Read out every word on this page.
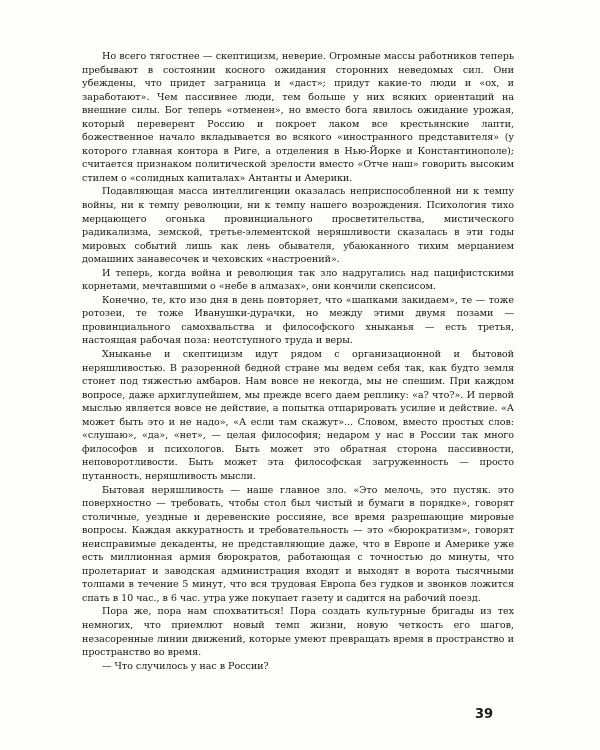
Но всего тягостнее — скептицизм, неверие. Огромные массы работников теперь пребывают в состоянии косного ожидания сторонних неведомых сил. Они убеждены, что придет заграница и «даст»; придут какие-то люди и «ох, и заработают». Чем пассивнее люди, тем больше у них всяких ориентаций на внешние силы. Бог теперь «отменен», но вместо бога явилось ожидание урожая, который переверент Россию и покроет лаком все крестьянские лапти, божественное начало вкладывается во всякого «иностранного представителя» (у которого главная контора в Риге, а отделения в Нью-Йорке и Константинополе); считается признаком политической зрелости вместо «Отче наш» говорить высоким стилем о «солидных капиталах» Антанты и Америки.

Подавляющая масса интеллигенции оказалась неприспособленной ни к темпу войны, ни к темпу революции, ни к темпу нашего возрождения. Психология тихо мерцающего огонька провинциального просветительства, мистического радикализма, земской, третье-элементской неряшливости сказалась в эти годы мировых событий лишь как лень обывателя, убаюканного тихим мерцанием домашних занавесочек и чеховских «настроений».

И теперь, когда война и революция так зло надругались над пацифистскими корнетами, мечтавшими о «небе в алмазах», они кончили скепсисом.

Конечно, те, кто изо дня в день повторяет, что «шапками закидаем», те — тоже ротозеи, те тоже Иванушки-дурачки, но между этими двумя позами — провинциального самохвальства и философского хныканья — есть третья, настоящая рабочая поза: неотступного труда и веры.

Хныканье и скептицизм идут рядом с организационной и бытовой неряшливостью. В разоренной бедной стране мы ведем себя так, как будто земля стонет под тяжестью амбаров. Нам вовсе не некогда, мы не спешим. При каждом вопросе, даже архиглупейшем, мы прежде всего даем реплику: «а? что?». И первой мыслью является вовсе не действие, а попытка отпарировать усилие и действие. «А может быть это и не надо», «А если там скажут»... Словом, вместо простых слов: «слушаю», «да», «нет», — целая философия; недаром у нас в России так много философов и психологов. Быть может это обратная сторона пассивности, неповоротливости. Быть может эта философская загруженность — просто путанность, неряшливость мысли.

Бытовая неряшливость — наше главное зло. «Это мелочь, это пустяк. это поверхностно — требовать, чтобы стол был чистый и бумаги в порядке», говорят столичные, уездные и деревенские россияне, все время разрешающие мировые вопросы. Каждая аккуратность и требовательность — это «бюрократизм», говорят неисправимые декаденты, не представляющие даже, что в Европе и Америке уже есть миллионная армия бюрократов, работающая с точностью до минуты, что пролетариат и заводская администрация входят и выходят в ворота тысячными толпами в течение 5 минут, что вся трудовая Европа без гудков и звонков ложится спать в 10 час., в 6 час. утра уже покупает газету и садится на рабочий поезд.

Пора же, пора нам спохватиться! Пора создать культурные бригады из тех немногих, что приемлют новый темп жизни, новую четкость его шагов, незасоренные линии движений, которые умеют превращать время в пространство и пространство во время.

— Что случилось у нас в России?

39
